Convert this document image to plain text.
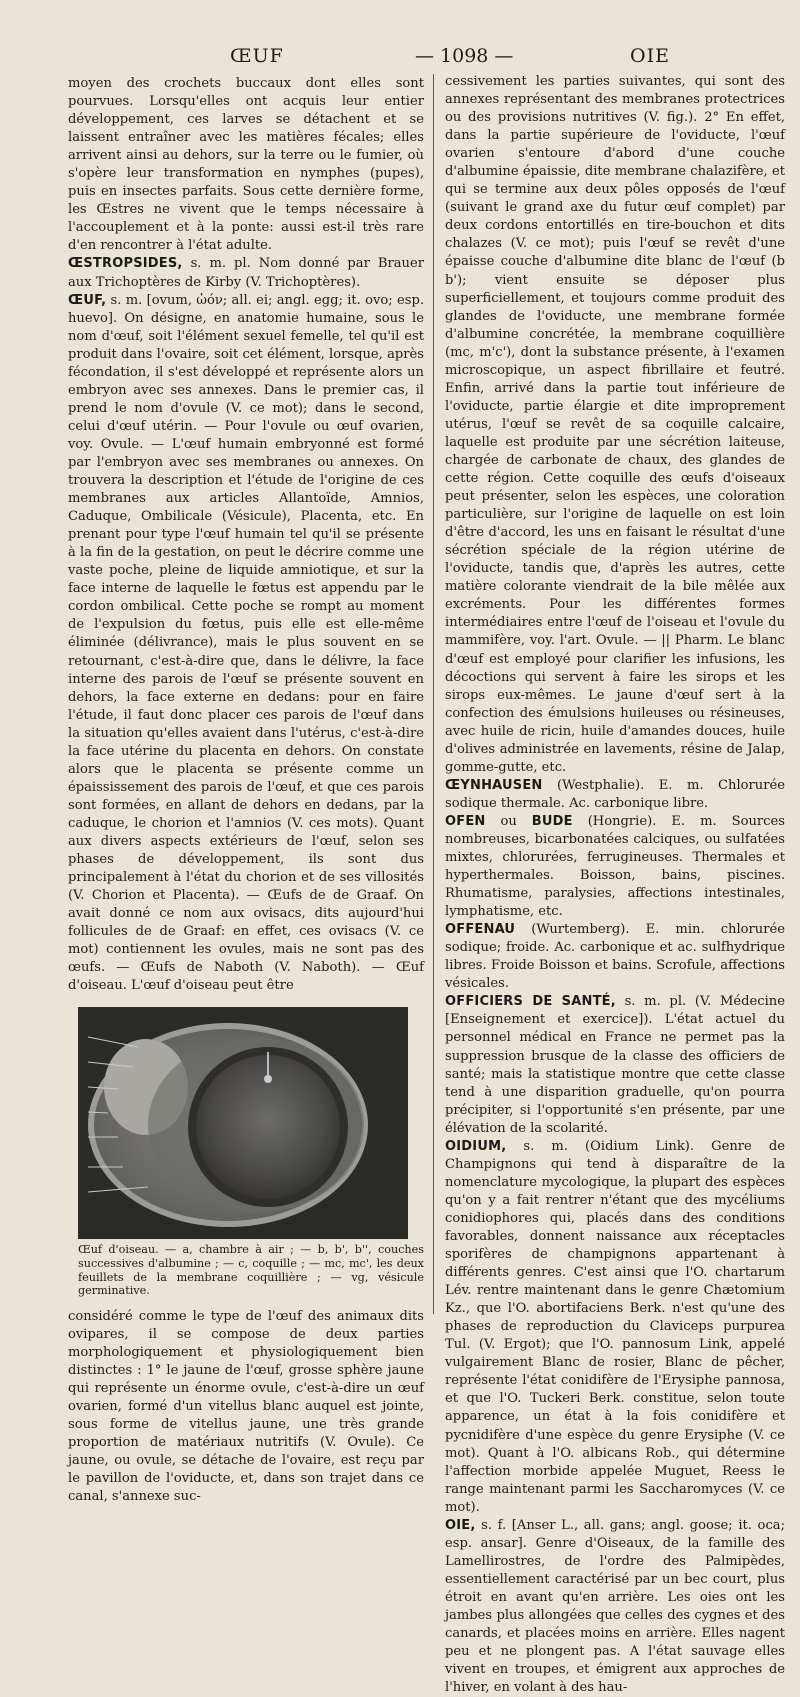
ŒUF	— 1098 —	OIE

moyen des crochets buccaux dont elles sont pourvues. Lorsqu'elles ont acquis leur entier développement, ces larves se détachent et se laissent entraîner avec les matières fécales; elles arrivent ainsi au dehors, sur la terre ou le fumier, où s'opère leur transformation en nymphes (pupes), puis en insectes parfaits. Sous cette dernière forme, les Œstres ne vivent que le temps nécessaire à l'accouplement et à la ponte: aussi est-il très rare d'en rencontrer à l'état adulte.

ŒSTROPSIDES, s. m. pl. Nom donné par Brauer aux Trichoptères de Kirby (V. Trichoptères).

ŒUF, s. m. [ovum, ὠόν; all. ei; angl. egg; it. ovo; esp. huevo]. On désigne, en anatomie humaine, sous le nom d'œuf, soit l'élément sexuel femelle, tel qu'il est produit dans l'ovaire, soit cet élément, lorsque, après fécondation, il s'est développé et représente alors un embryon avec ses annexes. Dans le premier cas, il prend le nom d'ovule (V. ce mot); dans le second, celui d'œuf utérin. — Pour l'ovule ou œuf ovarien, voy. Ovule. — L'œuf humain embryonné est formé par l'embryon avec ses membranes ou annexes. On trouvera la description et l'étude de l'origine de ces membranes aux articles Allantoïde, Amnios, Caduque, Ombilicale (Vésicule), Placenta, etc. En prenant pour type l'œuf humain tel qu'il se présente à la fin de la gestation, on peut le décrire comme une vaste poche, pleine de liquide amniotique, et sur la face interne de laquelle le fœtus est appendu par le cordon ombilical. Cette poche se rompt au moment de l'expulsion du fœtus, puis elle est elle-même éliminée (délivrance), mais le plus souvent en se retournant, c'est-à-dire que, dans le délivre, la face interne des parois de l'œuf se présente souvent en dehors, la face externe en dedans: pour en faire l'étude, il faut donc placer ces parois de l'œuf dans la situation qu'elles avaient dans l'utérus, c'est-à-dire la face utérine du placenta en dehors. On constate alors que le placenta se présente comme un épaississement des parois de l'œuf, et que ces parois sont formées, en allant de dehors en dedans, par la caduque, le chorion et l'amnios (V. ces mots). Quant aux divers aspects extérieurs de l'œuf, selon ses phases de développement, ils sont dus principalement à l'état du chorion et de ses villosités (V. Chorion et Placenta). — Œufs de de Graaf. On avait donné ce nom aux ovisacs, dits aujourd'hui follicules de de Graaf: en effet, ces ovisacs (V. ce mot) contiennent les ovules, mais ne sont pas des œufs. — Œufs de Naboth (V. Naboth). — Œuf d'oiseau. L'œuf d'oiseau peut être

Œuf d'oiseau. — a, chambre à air ; — b, b', b'', couches successives d'albumine ; — c, coquille ; — mc, mc', les deux feuillets de la membrane coquillière ; — vg, vésicule germinative.

considéré comme le type de l'œuf des animaux dits ovipares, il se compose de deux parties morphologiquement et physiologiquement bien distinctes : 1° le jaune de l'œuf, grosse sphère jaune qui représente un énorme ovule, c'est-à-dire un œuf ovarien, formé d'un vitellus blanc auquel est jointe, sous forme de vitellus jaune, une très grande proportion de matériaux nutritifs (V. Ovule). Ce jaune, ou ovule, se détache de l'ovaire, est reçu par le pavillon de l'oviducte, et, dans son trajet dans ce canal, s'annexe suc-

cessivement les parties suivantes, qui sont des annexes représentant des membranes protectrices ou des provisions nutritives (V. fig.). 2° En effet, dans la partie supérieure de l'oviducte, l'œuf ovarien s'entoure d'abord d'une couche d'albumine épaissie, dite membrane chalazifère, et qui se termine aux deux pôles opposés de l'œuf (suivant le grand axe du futur œuf complet) par deux cordons entortillés en tire-bouchon et dits chalazes (V. ce mot); puis l'œuf se revêt d'une épaisse couche d'albumine dite blanc de l'œuf (b b'); vient ensuite se déposer plus superficiellement, et toujours comme produit des glandes de l'oviducte, une membrane formée d'albumine concrétée, la membrane coquillière (mc, m'c'), dont la substance présente, à l'examen microscopique, un aspect fibrillaire et feutré. Enfin, arrivé dans la partie tout inférieure de l'oviducte, partie élargie et dite improprement utérus, l'œuf se revêt de sa coquille calcaire, laquelle est produite par une sécrétion laiteuse, chargée de carbonate de chaux, des glandes de cette région. Cette coquille des œufs d'oiseaux peut présenter, selon les espèces, une coloration particulière, sur l'origine de laquelle on est loin d'être d'accord, les uns en faisant le résultat d'une sécrétion spéciale de la région utérine de l'oviducte, tandis que, d'après les autres, cette matière colorante viendrait de la bile mêlée aux excréments. Pour les différentes formes intermédiaires entre l'œuf de l'oiseau et l'ovule du mammifère, voy. l'art. Ovule. — || Pharm. Le blanc d'œuf est employé pour clarifier les infusions, les décoctions qui servent à faire les sirops et les sirops eux-mêmes. Le jaune d'œuf sert à la confection des émulsions huileuses ou résineuses, avec huile de ricin, huile d'amandes douces, huile d'olives administrée en lavements, résine de Jalap, gomme-gutte, etc.

ŒYNHAUSEN (Westphalie). E. m. Chlorurée sodique thermale. Ac. carbonique libre.

OFEN ou BUDE (Hongrie). E. m. Sources nombreuses, bicarbonatées calciques, ou sulfatées mixtes, chlorurées, ferrugineuses. Thermales et hyperthermales. Boisson, bains, piscines. Rhumatisme, paralysies, affections intestinales, lymphatisme, etc.

OFFENAU (Wurtemberg). E. min. chlorurée sodique; froide. Ac. carbonique et ac. sulfhydrique libres. Froide Boisson et bains. Scrofule, affections vésicales.

OFFICIERS DE SANTÉ, s. m. pl. (V. Médecine [Enseignement et exercice]). L'état actuel du personnel médical en France ne permet pas la suppression brusque de la classe des officiers de santé; mais la statistique montre que cette classe tend à une disparition graduelle, qu'on pourra précipiter, si l'opportunité s'en présente, par une élévation de la scolarité.

OIDIUM, s. m. (Oidium Link). Genre de Champignons qui tend à disparaître de la nomenclature mycologique, la plupart des espèces qu'on y a fait rentrer n'étant que des mycéliums conidiophores qui, placés dans des conditions favorables, donnent naissance aux réceptacles sporifères de champignons appartenant à différents genres. C'est ainsi que l'O. chartarum Lév. rentre maintenant dans le genre Chætomium Kz., que l'O. abortifaciens Berk. n'est qu'une des phases de reproduction du Claviceps purpurea Tul. (V. Ergot); que l'O. pannosum Link, appelé vulgairement Blanc de rosier, Blanc de pêcher, représente l'état conidifère de l'Erysiphe pannosa, et que l'O. Tuckeri Berk. constitue, selon toute apparence, un état à la fois conidifère et pycnidifère d'une espèce du genre Erysiphe (V. ce mot). Quant à l'O. albicans Rob., qui détermine l'affection morbide appelée Muguet, Reess le range maintenant parmi les Saccharomyces (V. ce mot).

OIE, s. f. [Anser L., all. gans; angl. goose; it. oca; esp. ansar]. Genre d'Oiseaux, de la famille des Lamellirostres, de l'ordre des Palmipèdes, essentiellement caractérisé par un bec court, plus étroit en avant qu'en arrière. Les oies ont les jambes plus allongées que celles des cygnes et des canards, et placées moins en arrière. Elles nagent peu et ne plongent pas. A l'état sauvage elles vivent en troupes, et émigrent aux approches de l'hiver, en volant à des hau-
